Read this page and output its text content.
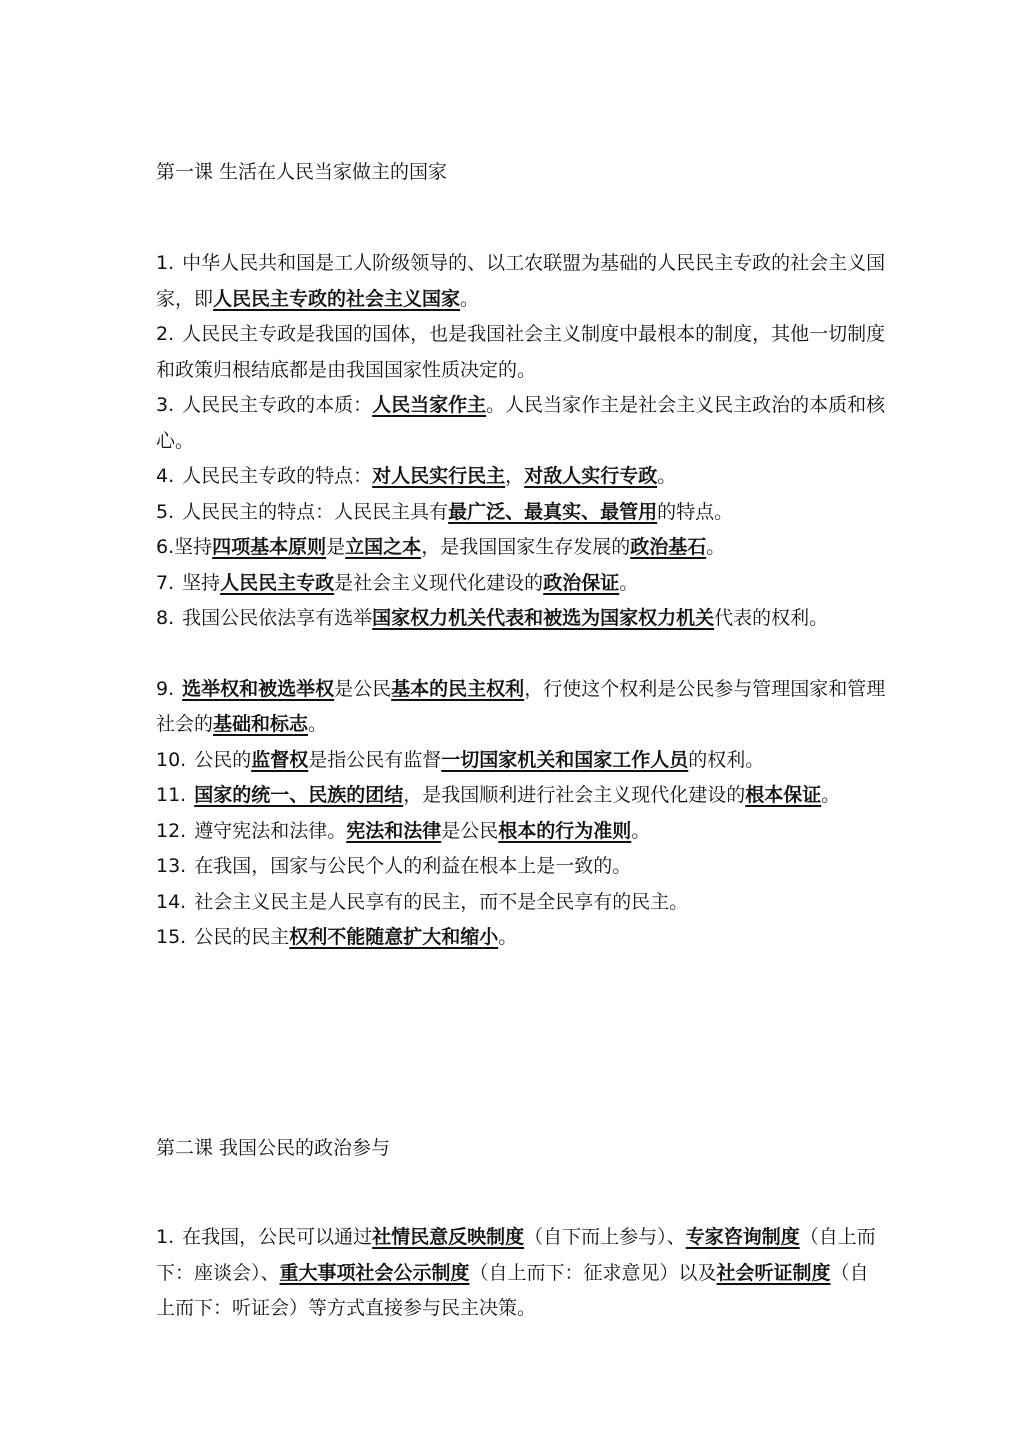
第一课 生活在人民当家做主的国家

1. 中华人民共和国是工人阶级领导的、以工农联盟为基础的人民民主专政的社会主义国家，即人民民主专政的社会主义国家。

2. 人民民主专政是我国的国体，也是我国社会主义制度中最根本的制度，其他一切制度和政策归根结底都是由我国国家性质决定的。

3. 人民民主专政的本质：人民当家作主。人民当家作主是社会主义民主政治的本质和核心。

4. 人民民主专政的特点：对人民实行民主，对敌人实行专政。

5. 人民民主的特点：人民民主具有最广泛、最真实、最管用的特点。

6.坚持四项基本原则是立国之本，是我国国家生存发展的政治基石。

7. 坚持人民民主专政是社会主义现代化建设的政治保证。

8. 我国公民依法享有选举国家权力机关代表和被选为国家权力机关代表的权利。

9. 选举权和被选举权是公民基本的民主权利，行使这个权利是公民参与管理国家和管理社会的基础和标志。

10. 公民的监督权是指公民有监督一切国家机关和国家工作人员的权利。

11. 国家的统一、民族的团结，是我国顺利进行社会主义现代化建设的根本保证。

12. 遵守宪法和法律。宪法和法律是公民根本的行为准则。

13. 在我国，国家与公民个人的利益在根本上是一致的。

14. 社会主义民主是人民享有的民主，而不是全民享有的民主。

15. 公民的民主权利不能随意扩大和缩小。

第二课 我国公民的政治参与

1. 在我国，公民可以通过社情民意反映制度（自下而上参与）、专家咨询制度（自上而下：座谈会）、重大事项社会公示制度（自上而下：征求意见）以及社会听证制度（自上而下：听证会）等方式直接参与民主决策。
